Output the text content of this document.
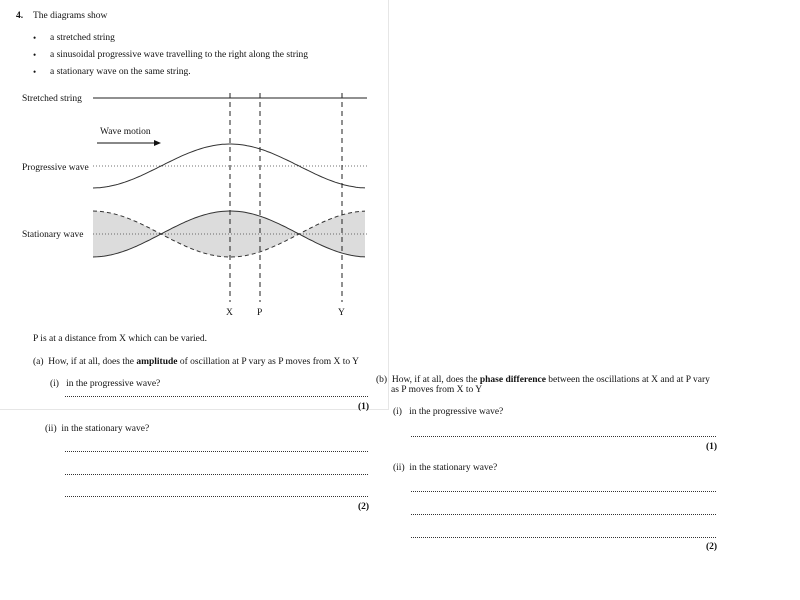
4. The diagrams show
• a stretched string
• a sinusoidal progressive wave travelling to the right along the string
• a stationary wave on the same string.
Stretched string
Wave motion
Progressive wave
Stationary wave
X	P	Y
P is at a distance from X which can be varied.
(a) How, if at all, does the amplitude of oscillation at P vary as P moves from X to Y
(i) in the progressive wave?
(1)
(ii) in the stationary wave?
(2)
(b) How, if at all, does the phase difference between the oscillations at X and at P vary
as P moves from X to Y
(i) in the progressive wave?
(1)
(ii) in the stationary wave?
(2)
